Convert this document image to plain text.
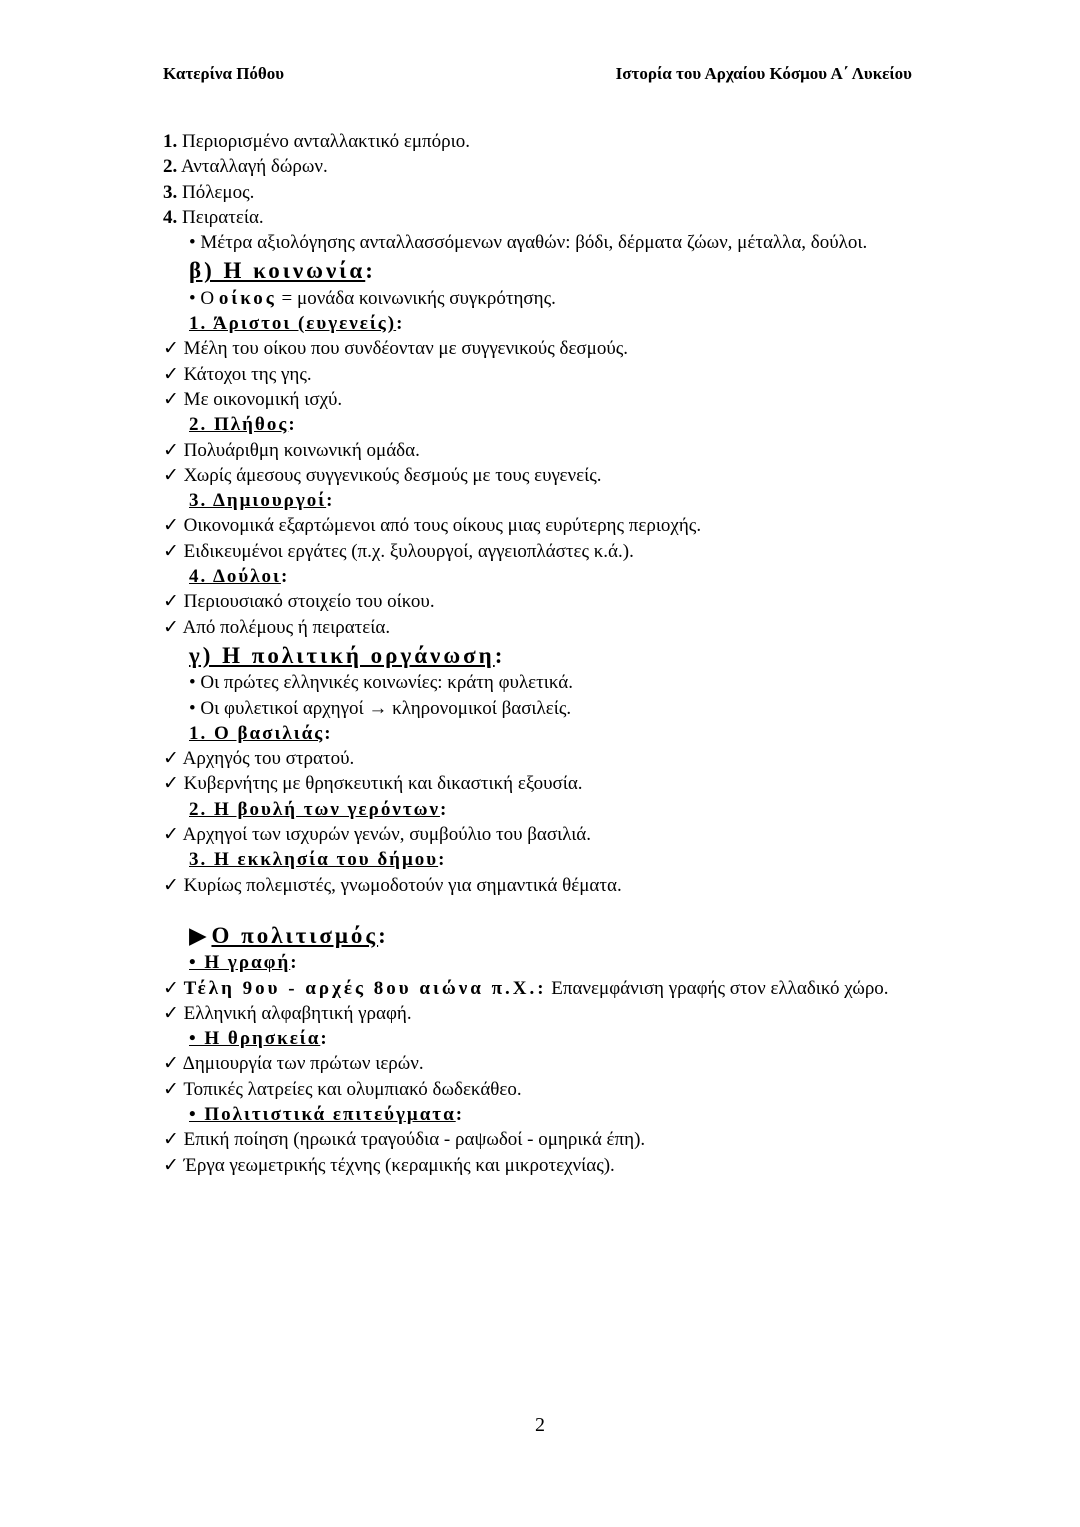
Κατερίνα Πόθου	Ιστορία του Αρχαίου Κόσμου Α΄ Λυκείου
1. Περιορισμένο ανταλλακτικό εμπόριο.
2. Ανταλλαγή δώρων.
3. Πόλεμος.
4. Πειρατεία.
• Μέτρα αξιολόγησης ανταλλασσόμενων αγαθών: βόδι, δέρματα ζώων, μέταλλα, δούλοι.
β) Η κοινωνία:
• Ο οίκος = μονάδα κοινωνικής συγκρότησης.
1. Άριστοι (ευγενείς):
✓ Μέλη του οίκου που συνδέονταν με συγγενικούς δεσμούς.
✓ Κάτοχοι της γης.
✓ Με οικονομική ισχύ.
2. Πλήθος:
✓ Πολυάριθμη κοινωνική ομάδα.
✓ Χωρίς άμεσους συγγενικούς δεσμούς με τους ευγενείς.
3. Δημιουργοί:
✓ Οικονομικά εξαρτώμενοι από τους οίκους μιας ευρύτερης περιοχής.
✓ Ειδικευμένοι εργάτες (π.χ. ξυλουργοί, αγγειοπλάστες κ.ά.).
4. Δούλοι:
✓ Περιουσιακό στοιχείο του οίκου.
✓ Από πολέμους ή πειρατεία.
γ) Η πολιτική οργάνωση:
• Οι πρώτες ελληνικές κοινωνίες: κράτη φυλετικά.
• Οι φυλετικοί αρχηγοί → κληρονομικοί βασιλείς.
1. Ο βασιλιάς:
✓ Αρχηγός του στρατού.
✓ Κυβερνήτης με θρησκευτική και δικαστική εξουσία.
2. Η βουλή των γερόντων:
✓ Αρχηγοί των ισχυρών γενών, συμβούλιο του βασιλιά.
3. Η εκκλησία του δήμου:
✓ Κυρίως πολεμιστές, γνωμοδοτούν για σημαντικά θέματα.
▶ Ο πολιτισμός:
• Η γραφή:
✓ Τέλη 9ου - αρχές 8ου αιώνα π.Χ.: Επανεμφάνιση γραφής στον ελλαδικό χώρο.
✓ Ελληνική αλφαβητική γραφή.
• Η θρησκεία:
✓ Δημιουργία των πρώτων ιερών.
✓ Τοπικές λατρείες και ολυμπιακό δωδεκάθεο.
• Πολιτιστικά επιτεύγματα:
✓ Επική ποίηση (ηρωικά τραγούδια - ραψωδοί - ομηρικά έπη).
✓ Έργα γεωμετρικής τέχνης (κεραμικής και μικροτεχνίας).
2
